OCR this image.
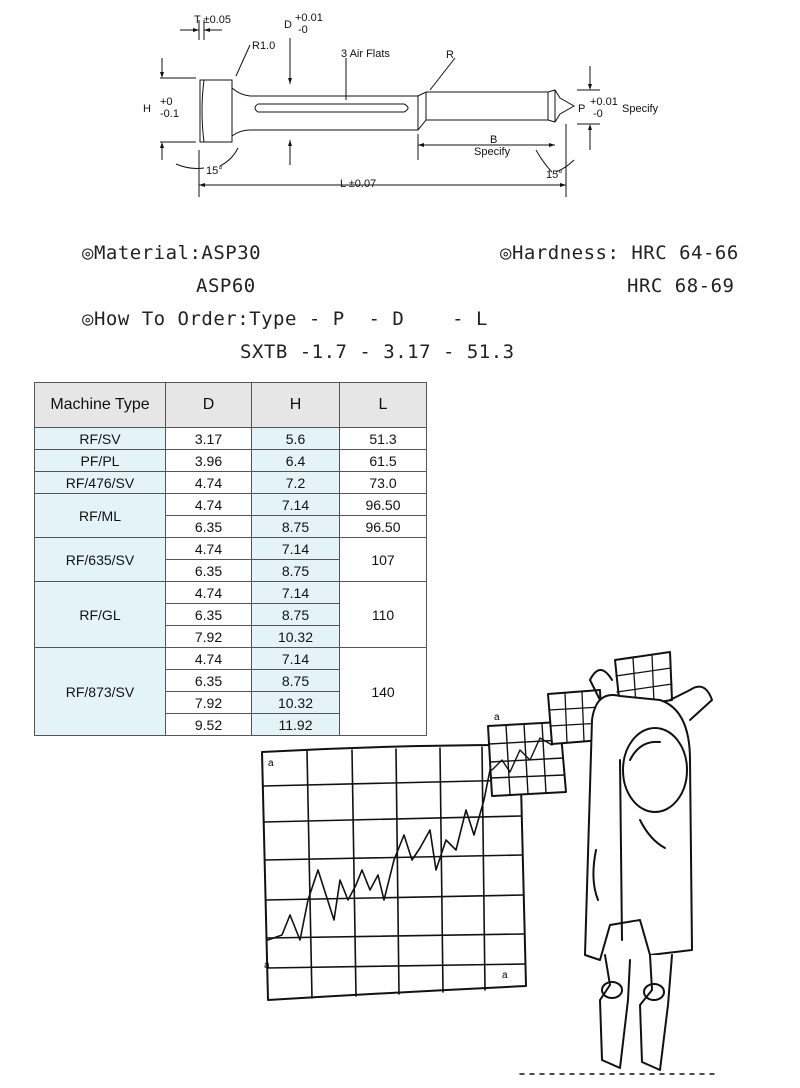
T ±0.05	D
+0.01
-0
R1.0
3 Air Flats	R
H
+0
-0.1	P
+0.01
-0 Specify
B
Specify
15°	15°
L ±0.07
◎Material:ASP30
ASP60
◎Hardness: HRC 64-66
HRC 68-69
◎How To Order:Type - P  - D    - L
SXTB -1.7 - 3.17 - 51.3
Machine Type	D	H	L
RF/SV	3.17	5.6	51.3
PF/PL	3.96	6.4	61.5
RF/476/SV	4.74	7.2	73.0
RF/ML	4.74	7.14	96.50
	6.35	8.75	96.50
RF/635/SV	4.74	7.14	107
	6.35	8.75	
RF/GL	4.74	7.14	110
	6.35	8.75	
	7.92	10.32	
RF/873/SV	4.74	7.14	140
	6.35	8.75	
	7.92	10.32	
	9.52	11.92	
a
a
a
a
